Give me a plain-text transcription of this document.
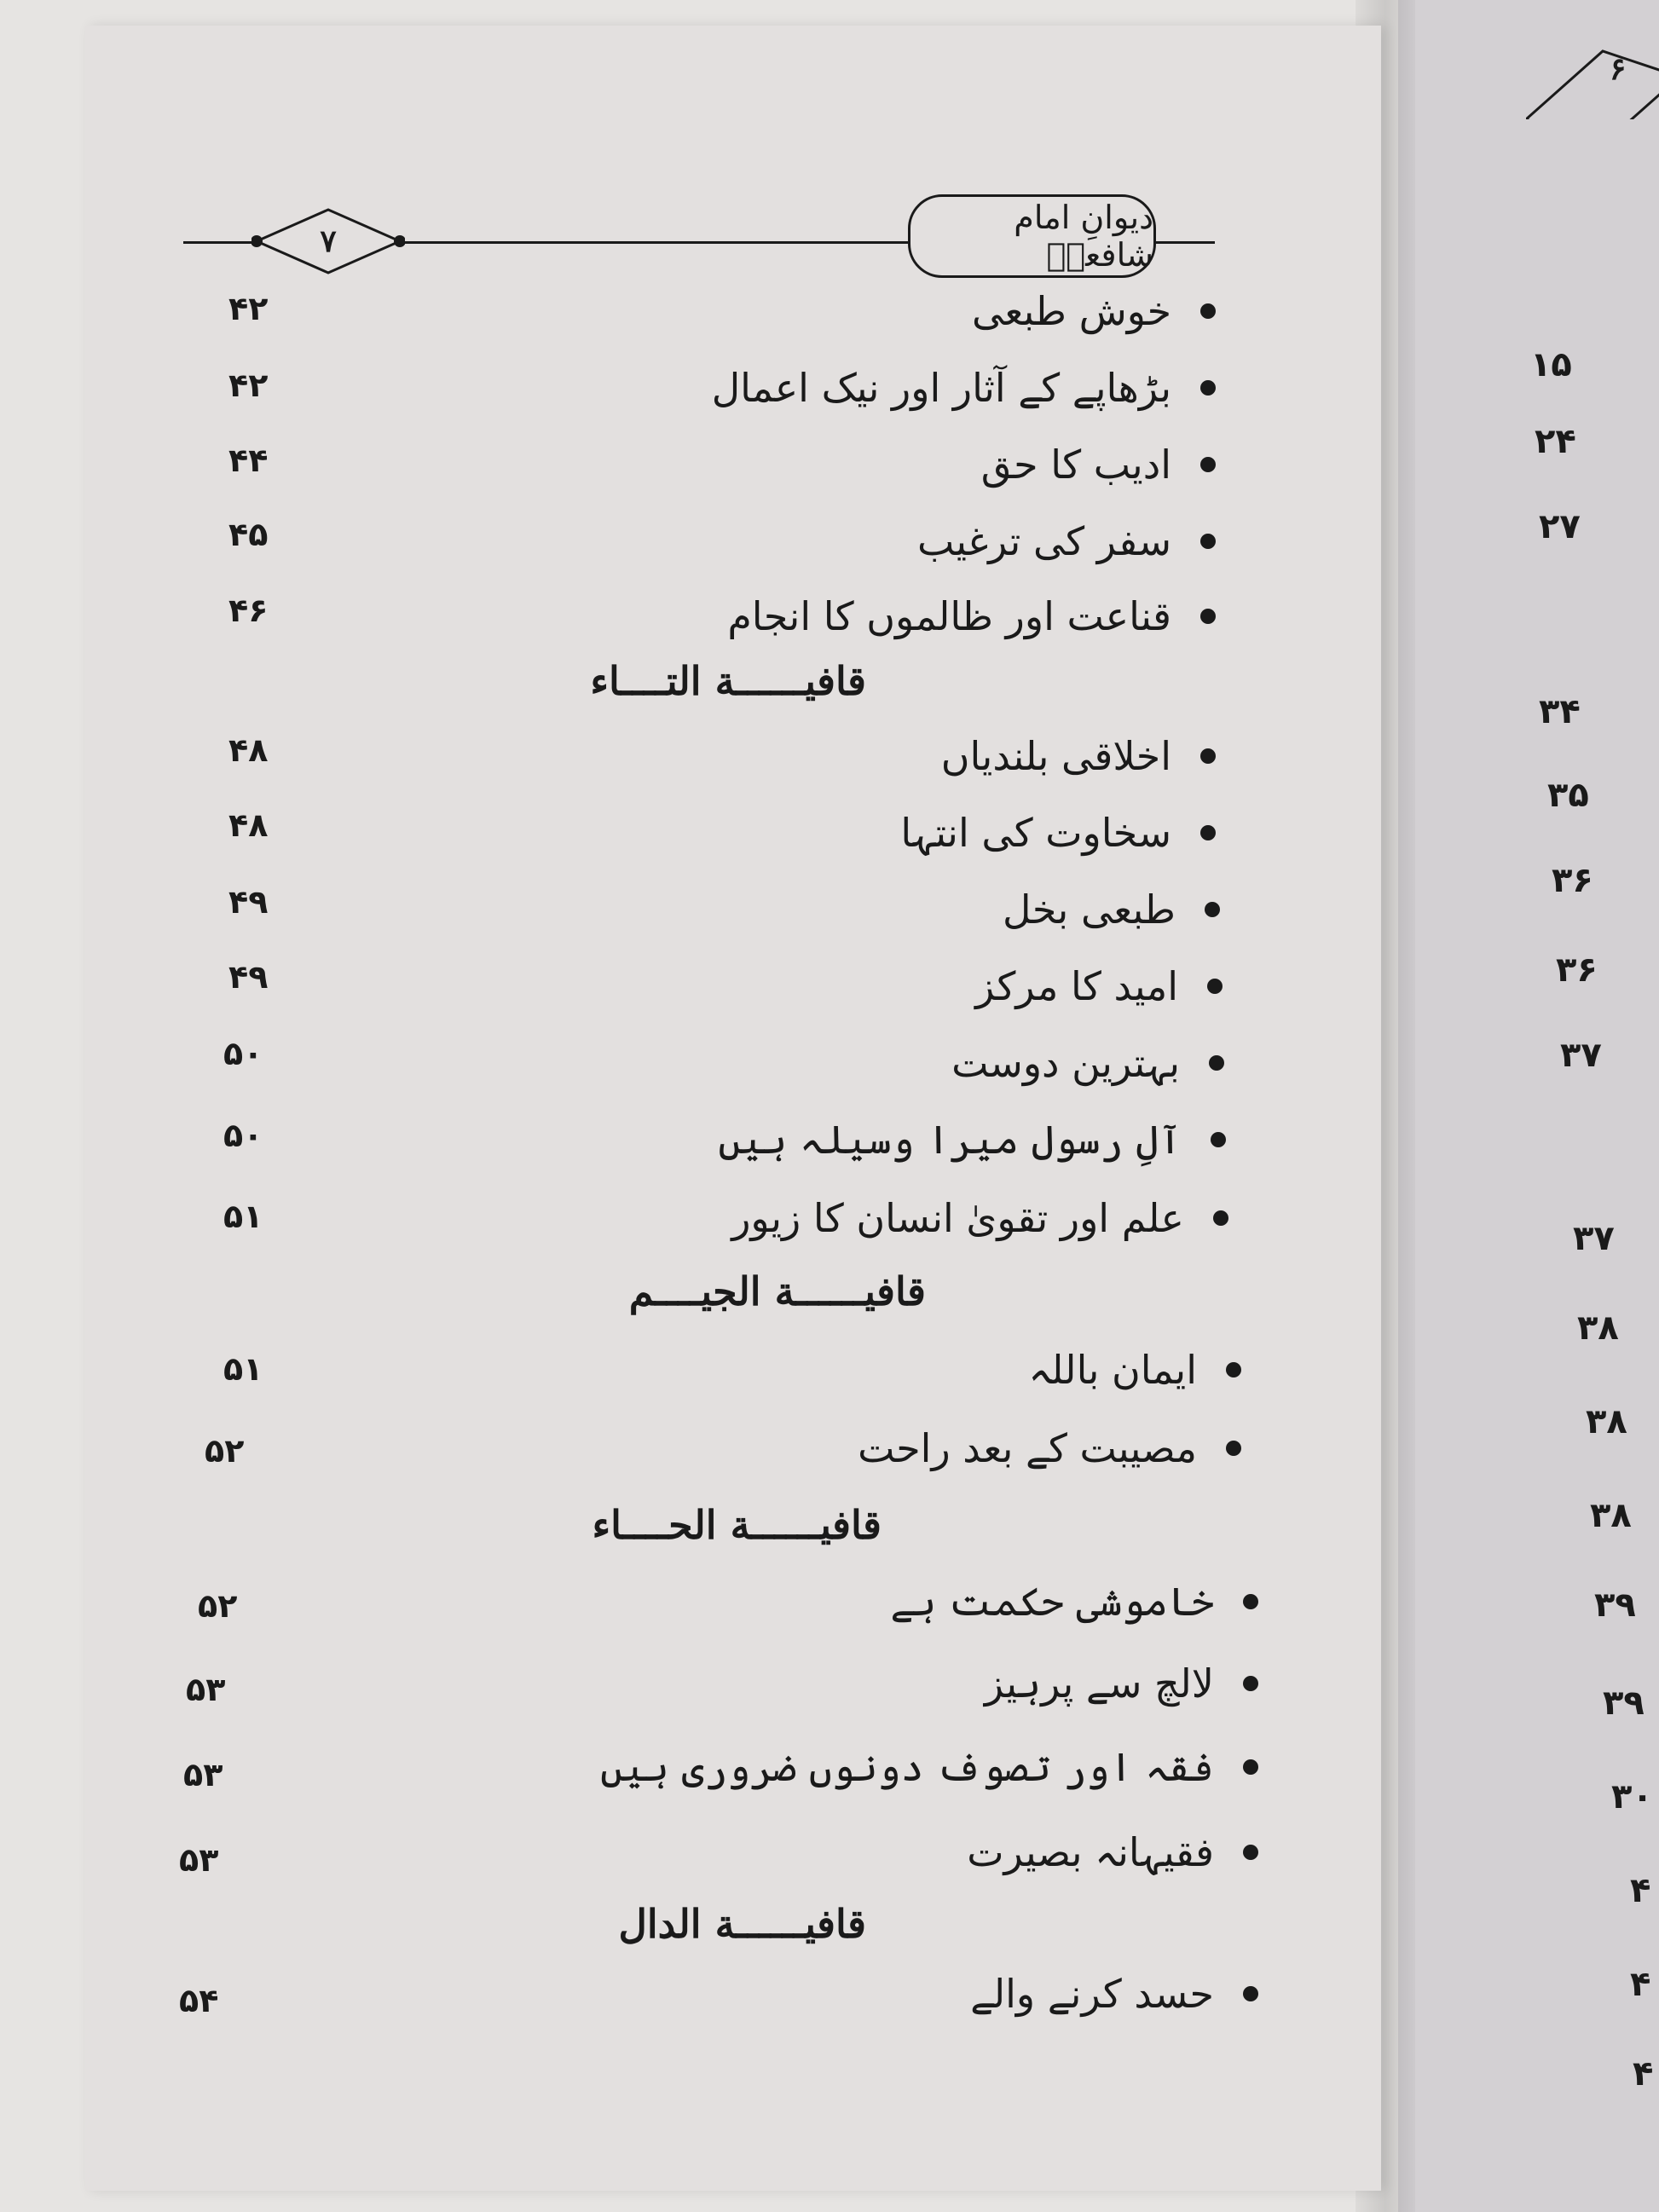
دیوانِ امام شافعیؒ
۷
خوش طبعی
۴۲
بڑھاپے کے آثار اور نیک اعمال
۴۲
ادیب کا حق
۴۴
سفر کی ترغیب
۴۵
قناعت اور ظالموں کا انجام
۴۶
قافیــــــة التــــاء
اخلاقی بلندیاں
۴۸
سخاوت کی انتہا
۴۸
طبعی بخل
۴۹
امید کا مرکز
۴۹
بہترین دوست
۵۰
آلِ رسول میرا وسیلہ ہیں
۵۰
علم اور تقویٰ انسان کا زیور
۵۱
قافیــــــة الجیــــم
ایمان باللہ
۵۱
مصیبت کے بعد راحت
۵۲
قافیــــــة الحــــاء
خاموشی حکمت ہے
۵۲
لالچ سے پرہیز
۵۳
فقہ اور تصوف دونوں ضروری ہیں
۵۳
فقیہانہ بصیرت
۵۳
قافیــــــة الدال
حسد کرنے والے
۵۴
۶
۱۵
۲۴
۲۷
۳۴
۳۵
۳۶
۳۶
۳۷
۳۷
۳۸
۳۸
۳۸
۳۹
۳۹
۳۰
۴
۴
۴
